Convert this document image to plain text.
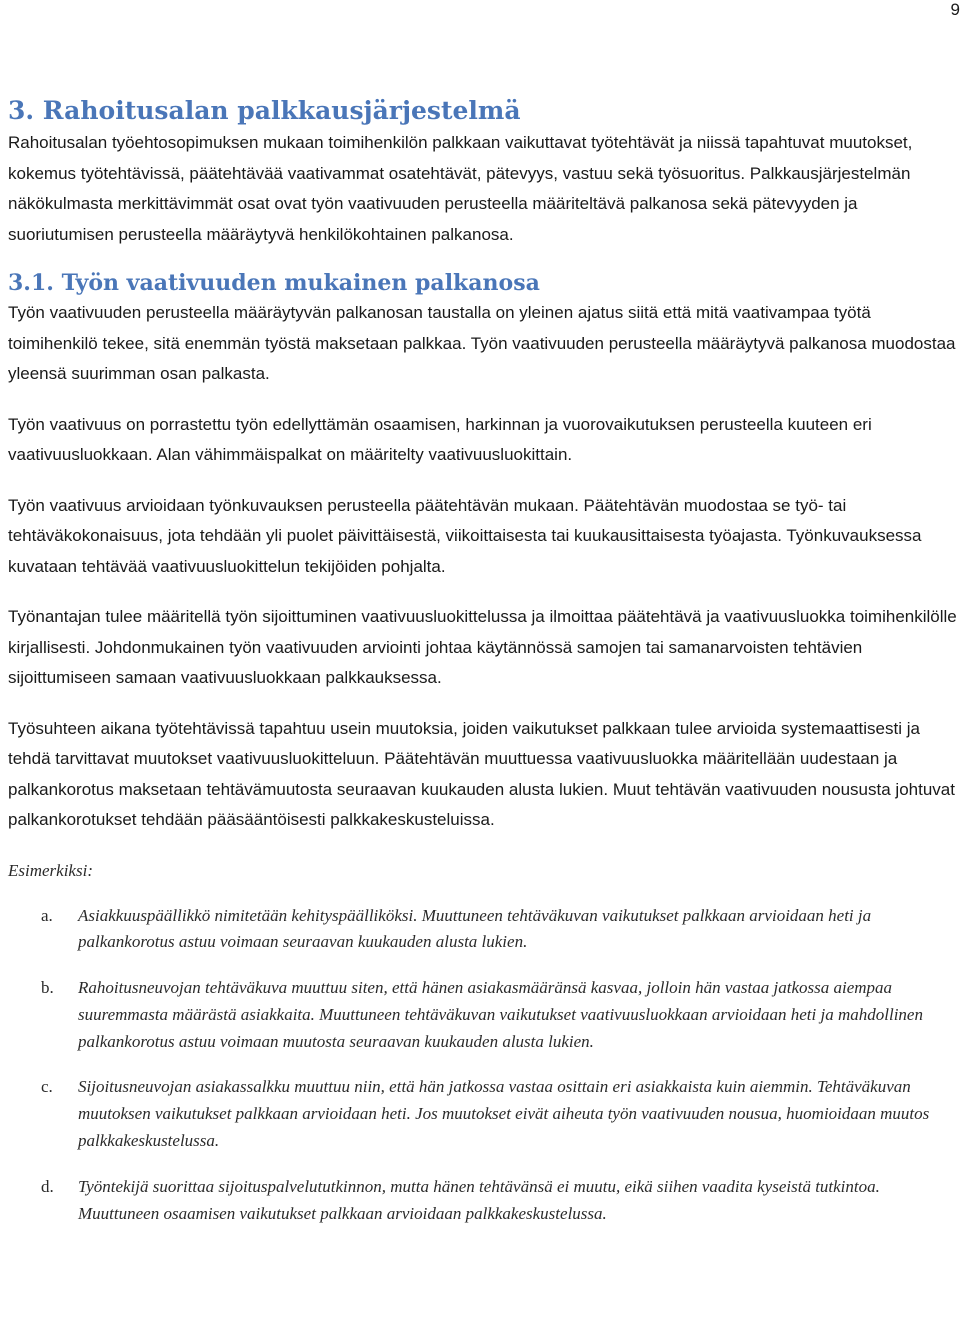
9
3. Rahoitusalan palkkausjärjestelmä

Rahoitusalan työehtosopimuksen mukaan toimihenkilön palkkaan vaikuttavat työtehtävät ja niissä tapahtuvat muutokset, kokemus työtehtävissä, päätehtävää vaativammat osatehtävät, pätevyys, vastuu sekä työsuoritus. Palkkausjärjestelmän näkökulmasta merkittävimmät osat ovat työn vaativuuden perusteella määriteltävä palkanosa sekä pätevyyden ja suoriutumisen perusteella määräytyvä henkilökohtainen palkanosa.

3.1. Työn vaativuuden mukainen palkanosa

Työn vaativuuden perusteella määräytyvän palkanosan taustalla on yleinen ajatus siitä että mitä vaativampaa työtä toimihenkilö tekee, sitä enemmän työstä maksetaan palkkaa. Työn vaativuuden perusteella määräytyvä palkanosa muodostaa yleensä suurimman osan palkasta.

Työn vaativuus on porrastettu työn edellyttämän osaamisen, harkinnan ja vuorovaikutuksen perusteella kuuteen eri vaativuusluokkaan. Alan vähimmäispalkat on määritelty vaativuusluokittain.

Työn vaativuus arvioidaan työnkuvauksen perusteella päätehtävän mukaan. Päätehtävän muodostaa se työ- tai tehtäväkokonaisuus, jota tehdään yli puolet päivittäisestä, viikoittaisesta tai kuukausittaisesta työajasta. Työnkuvauksessa kuvataan tehtävää vaativuusluokittelun tekijöiden pohjalta.

Työnantajan tulee määritellä työn sijoittuminen vaativuusluokittelussa ja ilmoittaa päätehtävä ja vaativuusluokka toimihenkilölle kirjallisesti. Johdonmukainen työn vaativuuden arviointi johtaa käytännössä samojen tai samanarvoisten tehtävien sijoittumiseen samaan vaativuusluokkaan palkkauksessa.

Työsuhteen aikana työtehtävissä tapahtuu usein muutoksia, joiden vaikutukset palkkaan tulee arvioida systemaattisesti ja tehdä tarvittavat muutokset vaativuusluokitteluun. Päätehtävän muuttuessa vaativuusluokka määritellään uudestaan ja palkankorotus maksetaan tehtävämuutosta seuraavan kuukauden alusta lukien. Muut tehtävän vaativuuden noususta johtuvat palkankorotukset tehdään pääsääntöisesti palkkakeskusteluissa.

Esimerkiksi:

a. Asiakkuuspäällikkö nimitetään kehityspäälliköksi. Muuttuneen tehtäväkuvan vaikutukset palkkaan arvioidaan heti ja palkankorotus astuu voimaan seuraavan kuukauden alusta lukien.
b. Rahoitusneuvojan tehtäväkuva muuttuu siten, että hänen asiakasmääränsä kasvaa, jolloin hän vastaa jatkossa aiempaa suuremmasta määrästä asiakkaita. Muuttuneen tehtäväkuvan vaikutukset vaativuusluokkaan arvioidaan heti ja mahdollinen palkankorotus astuu voimaan muutosta seuraavan kuukauden alusta lukien.
c. Sijoitusneuvojan asiakassalkku muuttuu niin, että hän jatkossa vastaa osittain eri asiakkaista kuin aiemmin. Tehtäväkuvan muutoksen vaikutukset palkkaan arvioidaan heti. Jos muutokset eivät aiheuta työn vaativuuden nousua, huomioidaan muutos palkkakeskustelussa.
d. Työntekijä suorittaa sijoituspalvelututkinnon, mutta hänen tehtävänsä ei muutu, eikä siihen vaadita kyseistä tutkintoa. Muuttuneen osaamisen vaikutukset palkkaan arvioidaan palkkakeskustelussa.
